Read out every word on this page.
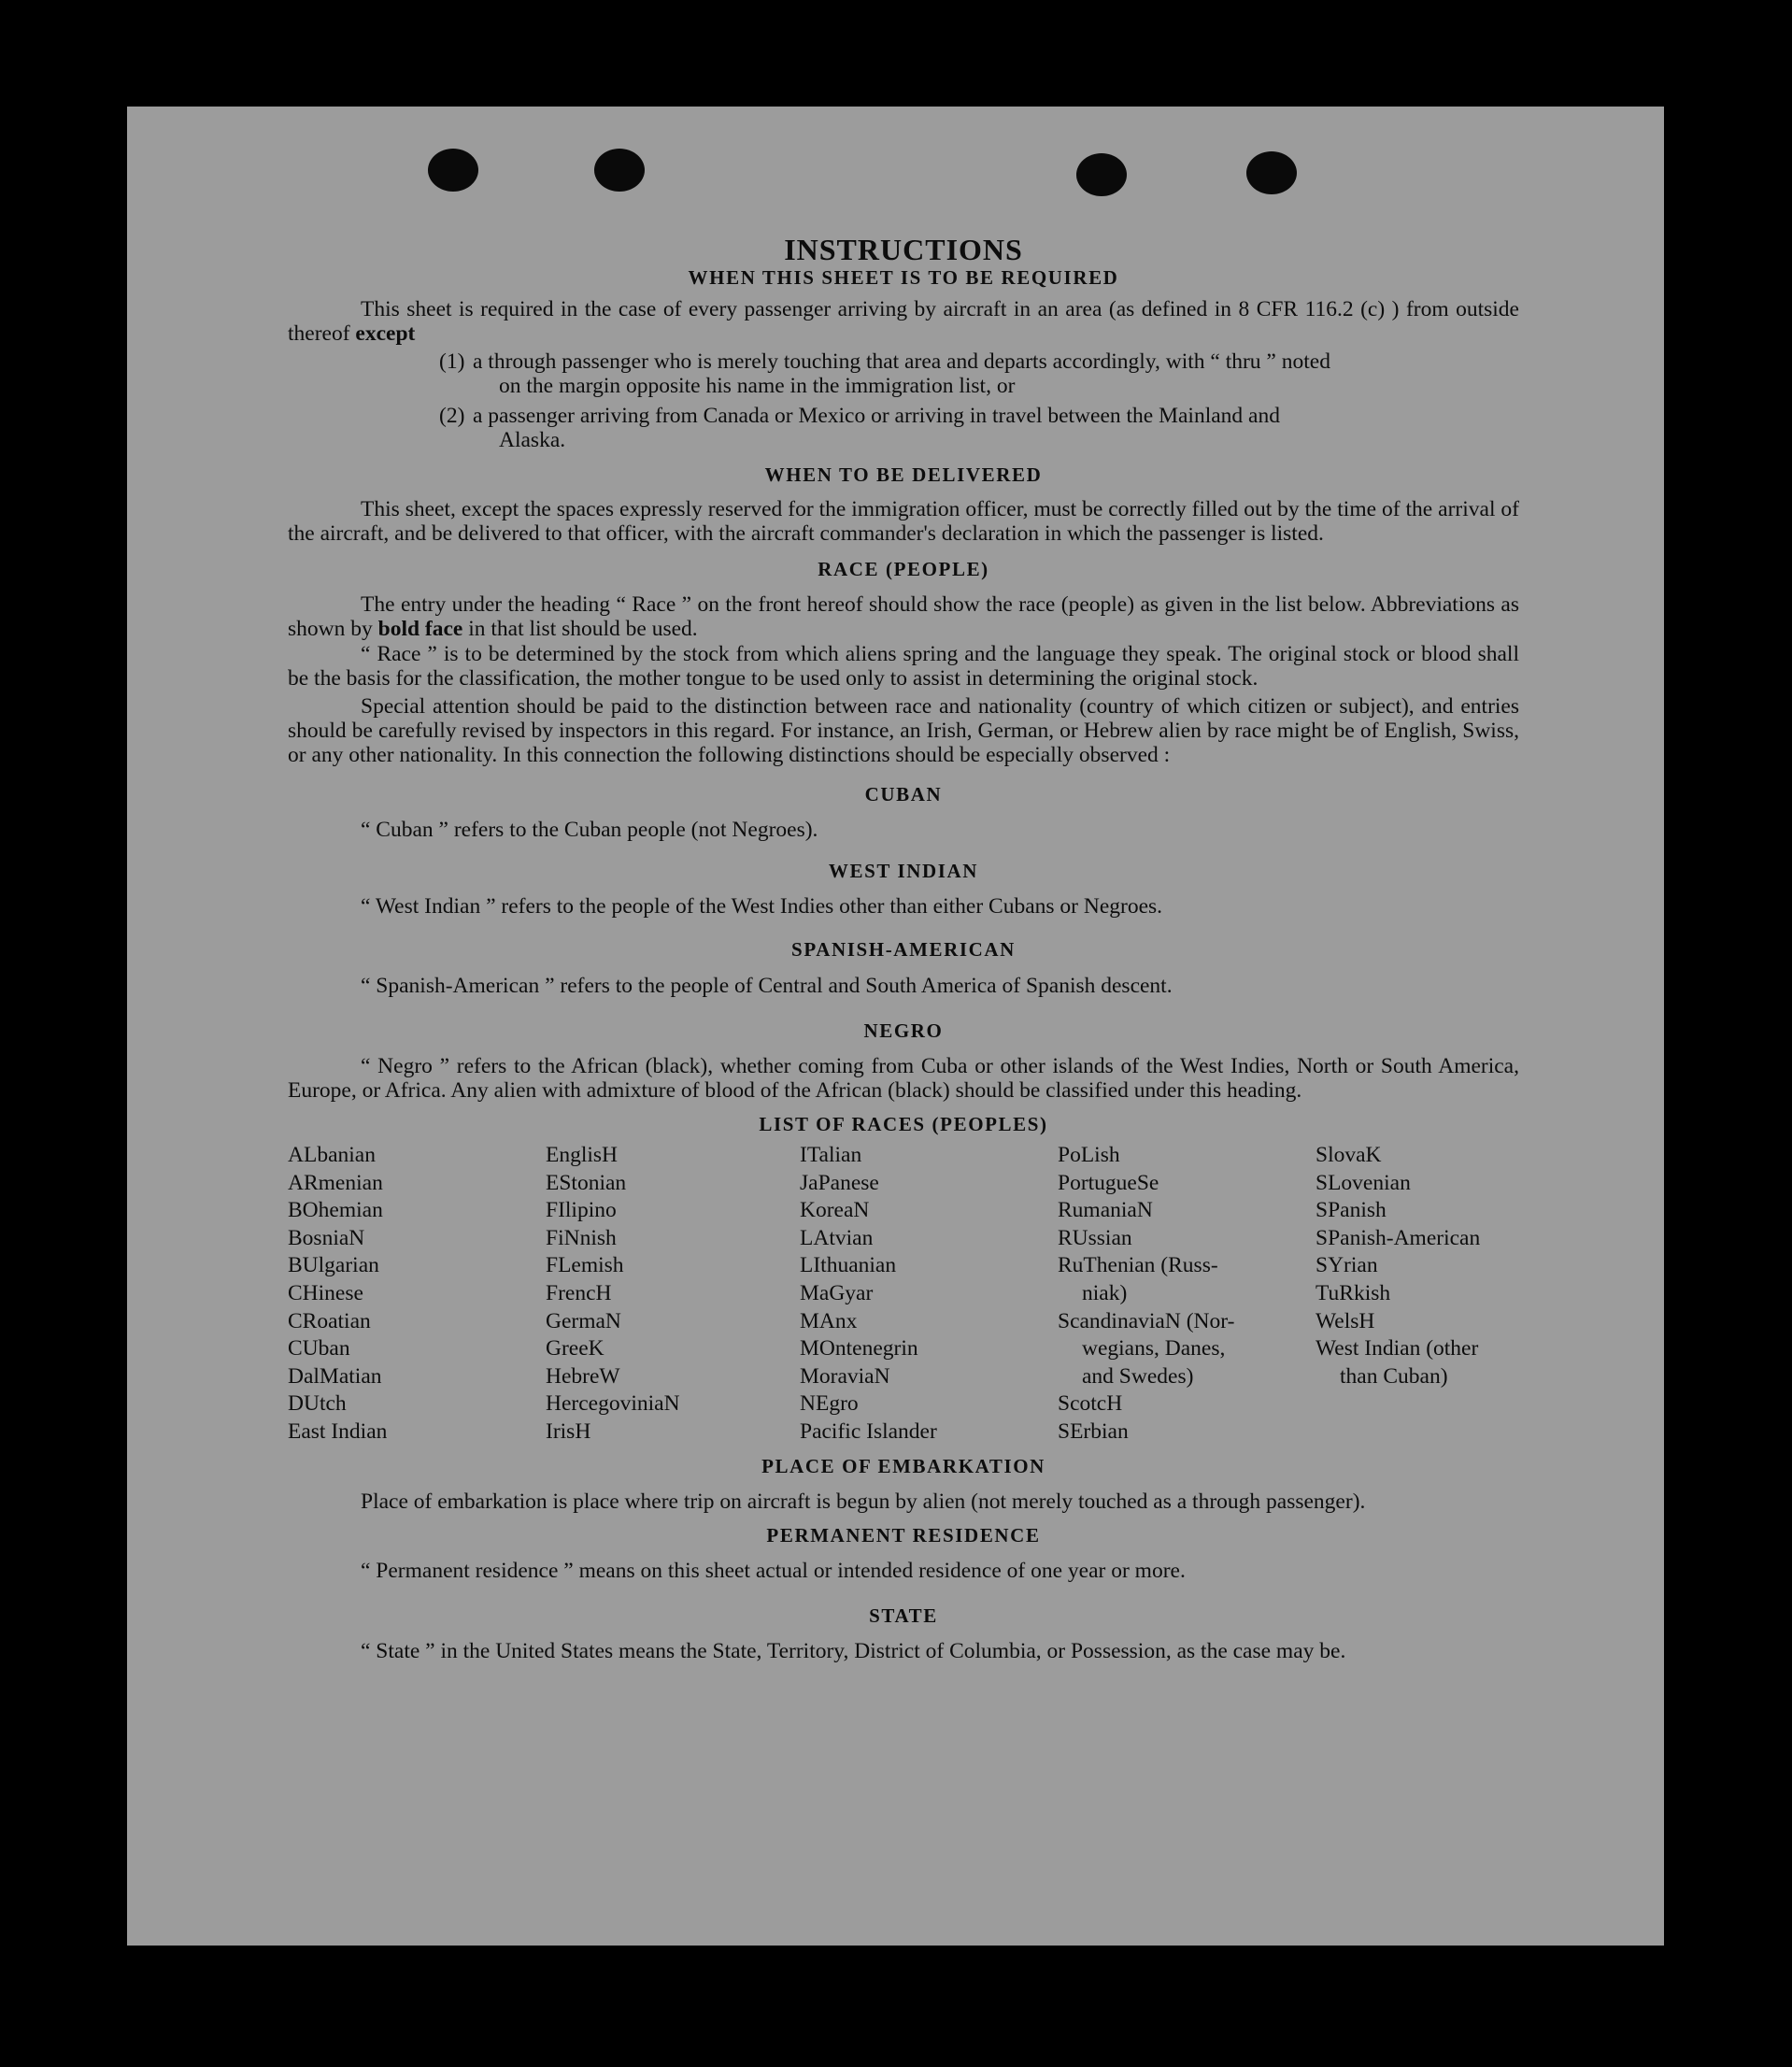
INSTRUCTIONS
WHEN THIS SHEET IS TO BE REQUIRED

This sheet is required in the case of every passenger arriving by aircraft in an area (as defined in 8 CFR 116.2 (c) ) from outside thereof except

(1) a through passenger who is merely touching that area and departs accordingly, with “ thru ” noted
on the margin opposite his name in the immigration list, or
(2) a passenger arriving from Canada or Mexico or arriving in travel between the Mainland and
Alaska.
WHEN TO BE DELIVERED

This sheet, except the spaces expressly reserved for the immigration officer, must be correctly filled out by the time of the arrival of the aircraft, and be delivered to that officer, with the aircraft commander's declaration in which the passenger is listed.

RACE (PEOPLE)

The entry under the heading “ Race ” on the front hereof should show the race (people) as given in the list below. Abbreviations as shown by bold face in that list should be used.

“ Race ” is to be determined by the stock from which aliens spring and the language they speak. The original stock or blood shall be the basis for the classification, the mother tongue to be used only to assist in determining the original stock.

Special attention should be paid to the distinction between race and nationality (country of which citizen or subject), and entries should be carefully revised by inspectors in this regard. For instance, an Irish, German, or Hebrew alien by race might be of English, Swiss, or any other nationality. In this connection the following distinctions should be especially observed :

CUBAN

“ Cuban ” refers to the Cuban people (not Negroes).

WEST INDIAN

“ West Indian ” refers to the people of the West Indies other than either Cubans or Negroes.

SPANISH-AMERICAN

“ Spanish-American ” refers to the people of Central and South America of Spanish descent.

NEGRO

“ Negro ” refers to the African (black), whether coming from Cuba or other islands of the West Indies, North or South America, Europe, or Africa. Any alien with admixture of blood of the African (black) should be classified under this heading.

LIST OF RACES (PEOPLES)
ALbanian
ARmenian
BOhemian
BosniaN
BUlgarian
CHinese
CRoatian
CUban
DalMatian
DUtch
East Indian
EnglisH
EStonian
FIlipino
FiNnish
FLemish
FrencH
GermaN
GreeK
HebreW
HercegoviniaN
IrisH
ITalian
JaPanese
KoreaN
LAtvian
LIthuanian
MaGyar
MAnx
MOntenegrin
MoraviaN
NEgro
Pacific Islander
PoLish
PortugueSe
RumaniaN
RUssian
RuThenian (Russ-
niak)
ScandinaviaN (Nor-
wegians, Danes,
and Swedes)
ScotcH
SErbian
SlovaK
SLovenian
SPanish
SPanish-American
SYrian
TuRkish
WelsH
West Indian (other
than Cuban)
PLACE OF EMBARKATION

Place of embarkation is place where trip on aircraft is begun by alien (not merely touched as a through passenger).

PERMANENT RESIDENCE

“ Permanent residence ” means on this sheet actual or intended residence of one year or more.

STATE

“ State ” in the United States means the State, Territory, District of Columbia, or Possession, as the case may be.
